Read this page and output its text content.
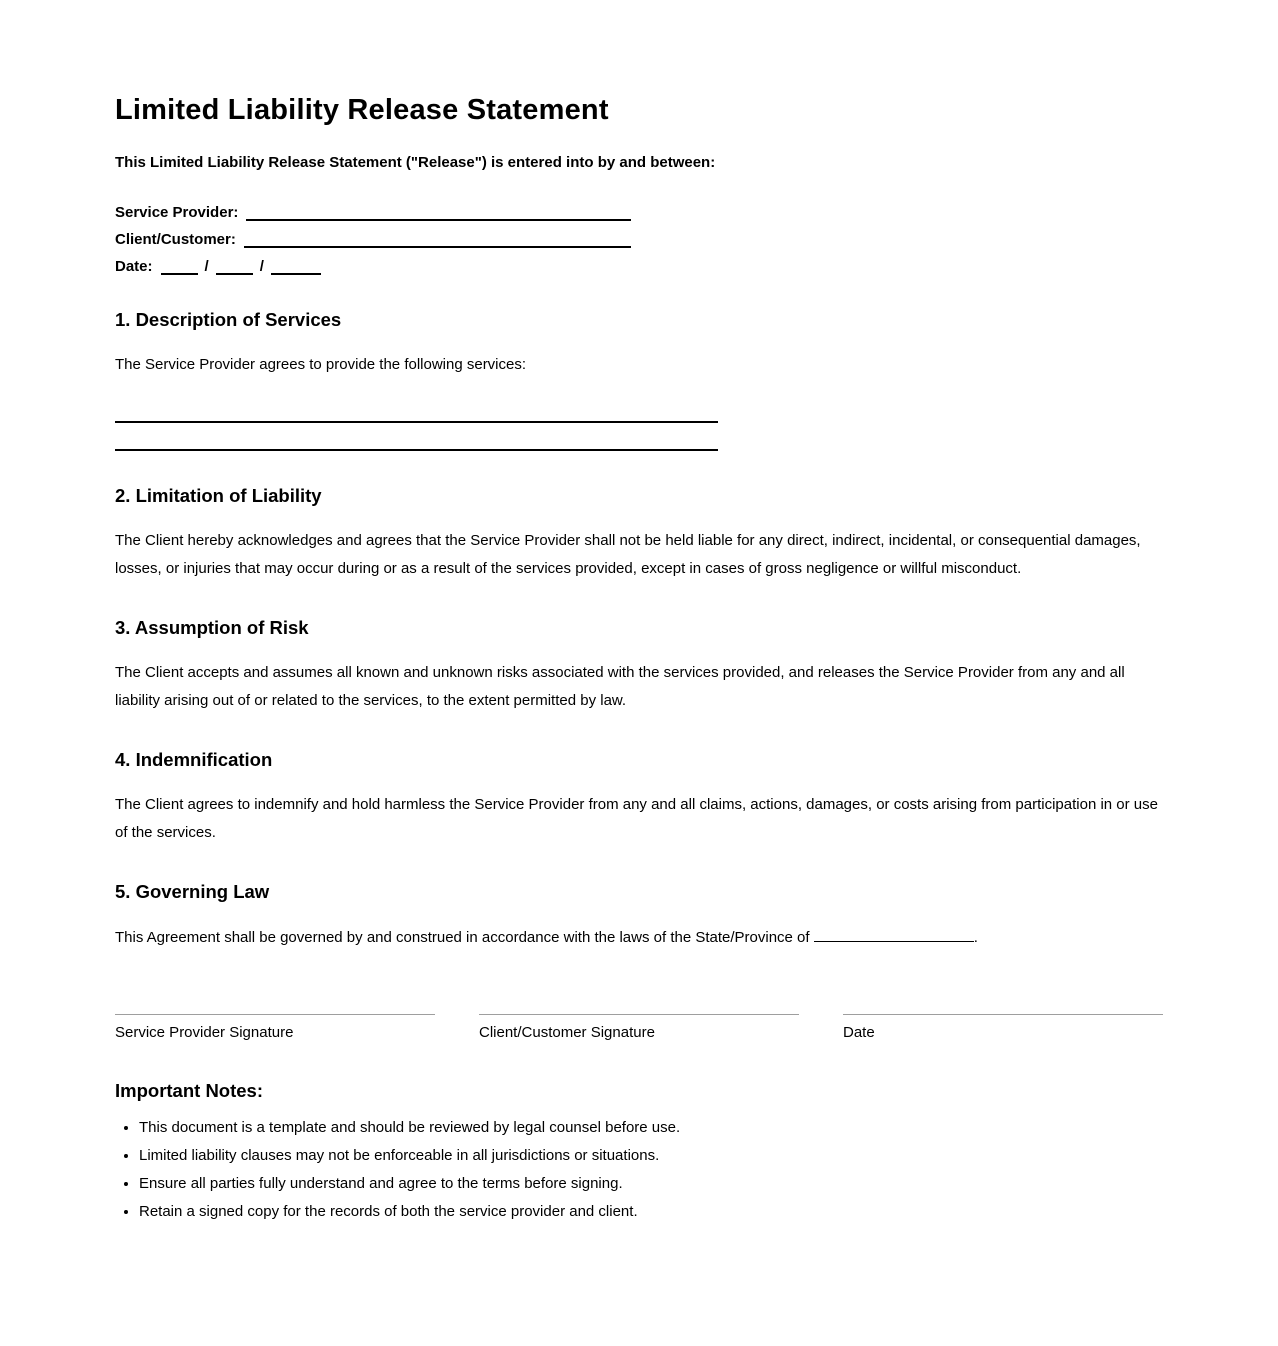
Limited Liability Release Statement

This Limited Liability Release Statement ("Release") is entered into by and between:

Service Provider:
Client/Customer:
Date:	/	/
1. Description of Services

The Service Provider agrees to provide the following services:

2. Limitation of Liability

The Client hereby acknowledges and agrees that the Service Provider shall not be held liable for any direct, indirect, incidental, or consequential damages, losses, or injuries that may occur during or as a result of the services provided, except in cases of gross negligence or willful misconduct.

3. Assumption of Risk

The Client accepts and assumes all known and unknown risks associated with the services provided, and releases the Service Provider from any and all liability arising out of or related to the services, to the extent permitted by law.

4. Indemnification

The Client agrees to indemnify and hold harmless the Service Provider from any and all claims, actions, damages, or costs arising from participation in or use of the services.

5. Governing Law

This Agreement shall be governed by and construed in accordance with the laws of the State/Province of	.

Service Provider Signature	Client/Customer Signature	Date
Important Notes:
• This document is a template and should be reviewed by legal counsel before use.
• Limited liability clauses may not be enforceable in all jurisdictions or situations.
• Ensure all parties fully understand and agree to the terms before signing.
• Retain a signed copy for the records of both the service provider and client.
